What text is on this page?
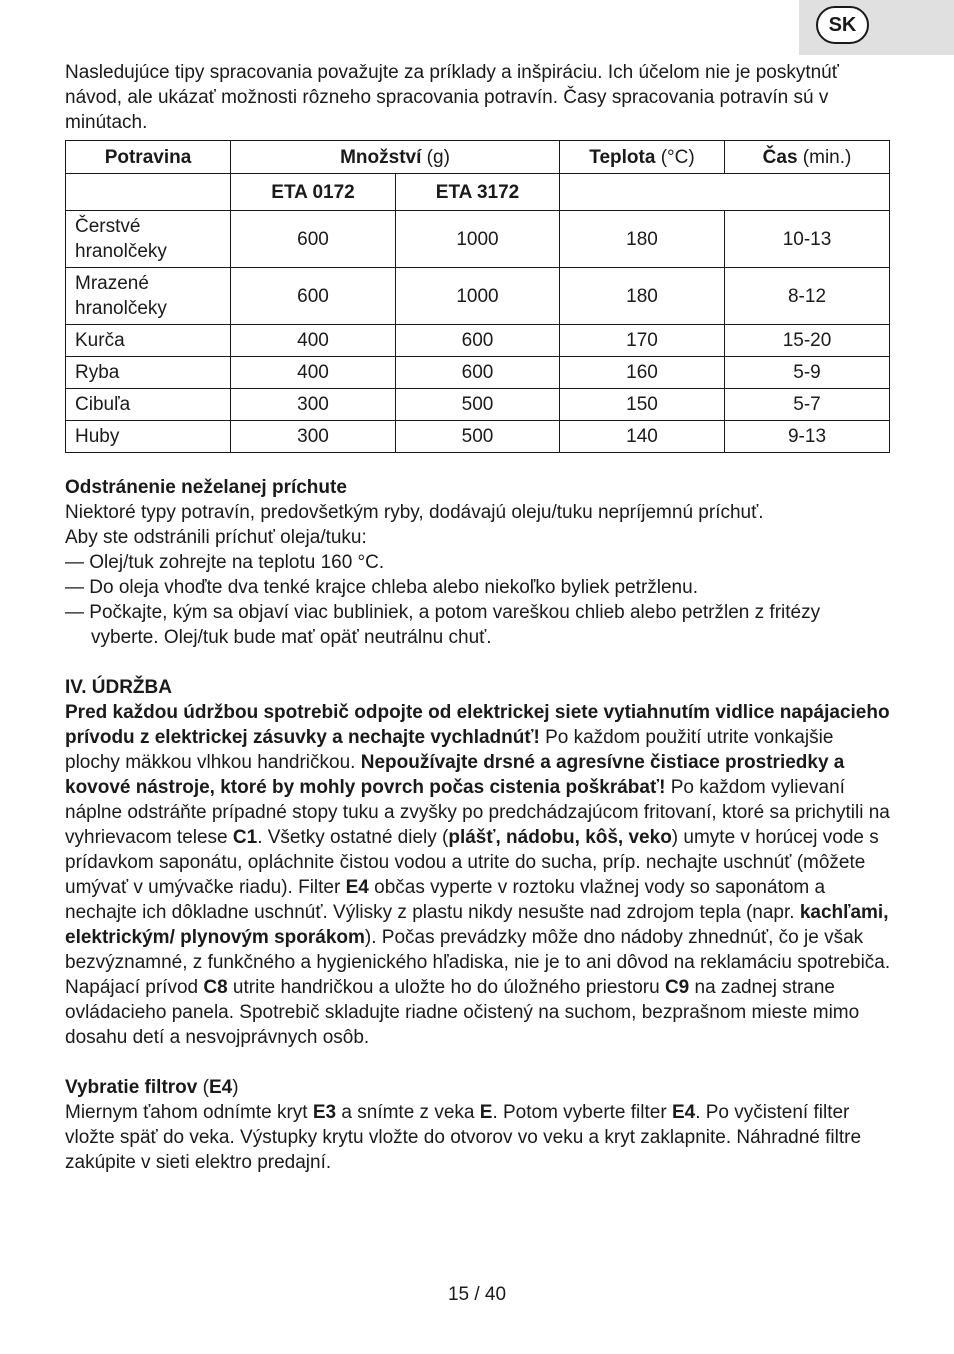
SK

Nasledujúce tipy spracovania považujte za príklady a inšpiráciu. Ich účelom nie je poskytnúť návod, ale ukázať možnosti rôzneho spracovania potravín. Časy spracovania potravín sú v minútach.

Potravina	Množství (g)		Teplota (°C)	Čas (min.)
	ETA 0172	ETA 3172		
Čerstvé hranolčeky	600	1000	180	10-13
Mrazené hranolčeky	600	1000	180	8-12
Kurča	400	600	170	15-20
Ryba	400	600	160	5-9
Cibuľa	300	500	150	5-7
Huby	300	500	140	9-13

Odstránenie neželanej príchute

Niektoré typy potravín, predovšetkým ryby, dodávajú oleju/tuku nepríjemnú príchuť.

Aby ste odstránili príchuť oleja/tuku:

— Olej/tuk zohrejte na teplotu 160 °C.

— Do oleja vhoďte dva tenké krajce chleba alebo niekoľko byliek petržlenu.

— Počkajte, kým sa objaví viac bubliniek, a potom vareškou chlieb alebo petržlen z fritézy vyberte. Olej/tuk bude mať opäť neutrálnu chuť.

IV. ÚDRŽBA

Pred každou údržbou spotrebič odpojte od elektrickej siete vytiahnutím vidlice napájacieho prívodu z elektrickej zásuvky a nechajte vychladnúť! Po každom použití utrite vonkajšie plochy mäkkou vlhkou handričkou. Nepoužívajte drsné a agresívne čistiace prostriedky a kovové nástroje, ktoré by mohly povrch počas cistenia poškrábať! Po každom vylievaní náplne odstráňte prípadné stopy tuku a zvyšky po predchádzajúcom fritovaní, ktoré sa prichytili na vyhrievacom telese C1. Všetky ostatné diely (plášť, nádobu, kôš, veko) umyte v horúcej vode s prídavkom saponátu, opláchnite čistou vodou a utrite do sucha, príp. nechajte uschnúť (môžete umývať v umývačke riadu). Filter E4 občas vyperte v roztoku vlažnej vody so saponátom a nechajte ich dôkladne uschnúť. Výlisky z plastu nikdy nesušte nad zdrojom tepla (napr. kachľami, elektrickým/ plynovým sporákom). Počas prevádzky môže dno nádoby zhnednúť, čo je však bezvýznamné, z funkčného a hygienického hľadiska, nie je to ani dôvod na reklamáciu spotrebiča. Napájací prívod C8 utrite handričkou a uložte ho do úložného priestoru C9 na zadnej strane ovládacieho panela. Spotrebič skladujte riadne očistený na suchom, bezprašnom mieste mimo dosahu detí a nesvojprávnych osôb.

Vybratie filtrov (E4)

Miernym ťahom odnímte kryt E3 a snímte z veka E. Potom vyberte filter E4. Po vyčistení filter vložte späť do veka. Výstupky krytu vložte do otvorov vo veku a kryt zaklapnite. Náhradné filtre zakúpite v sieti elektro predajní.

15 / 40
